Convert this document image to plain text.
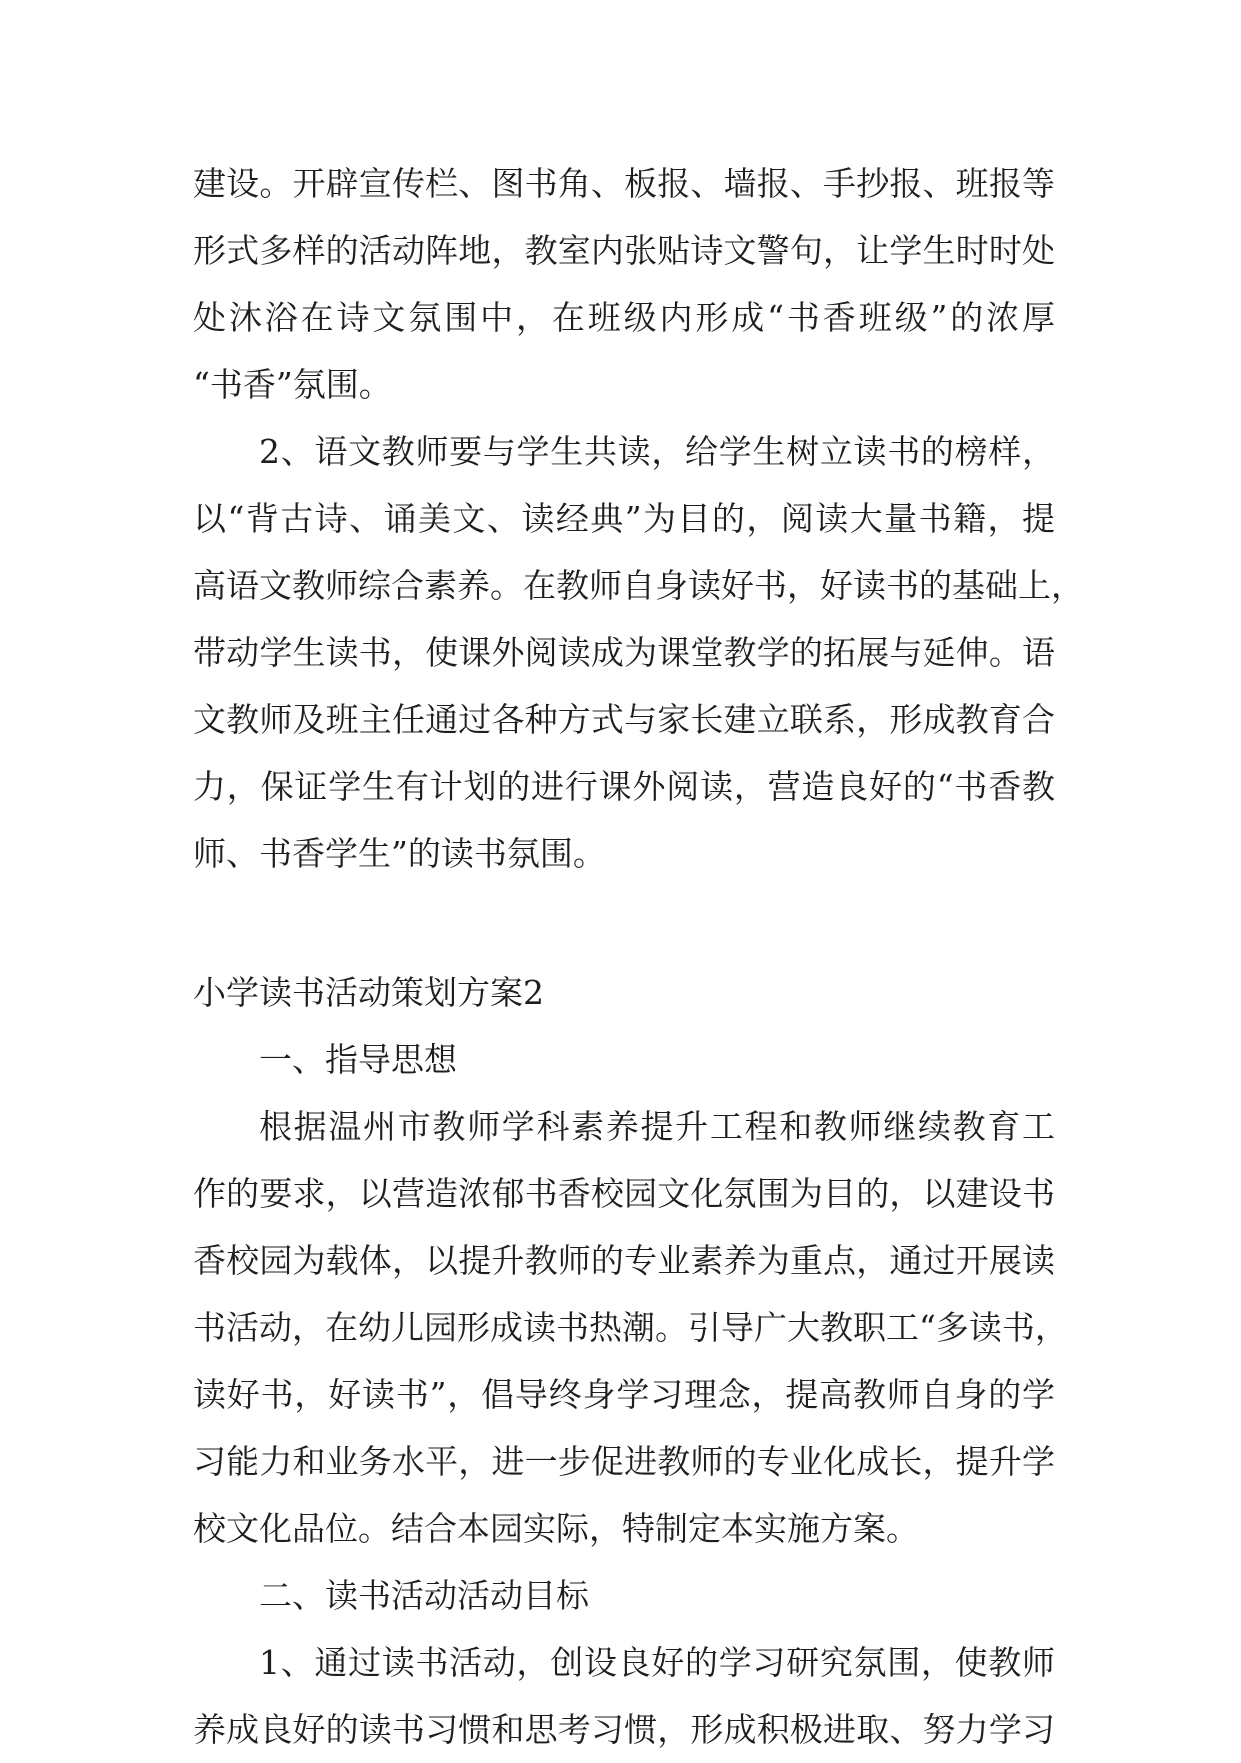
建设。开辟宣传栏、图书角、板报、墙报、手抄报、班报等
形式多样的活动阵地，教室内张贴诗文警句，让学生时时处
处沐浴在诗文氛围中，在班级内形成“书香班级”的浓厚
“书香”氛围。
2、语文教师要与学生共读，给学生树立读书的榜样，
以“背古诗、诵美文、读经典”为目的，阅读大量书籍，提
高语文教师综合素养。在教师自身读好书，好读书的基础上，
带动学生读书，使课外阅读成为课堂教学的拓展与延伸。语
文教师及班主任通过各种方式与家长建立联系，形成教育合
力，保证学生有计划的进行课外阅读，营造良好的“书香教
师、书香学生”的读书氛围。
小学读书活动策划方案2
一、指导思想
根据温州市教师学科素养提升工程和教师继续教育工
作的要求，以营造浓郁书香校园文化氛围为目的，以建设书
香校园为载体，以提升教师的专业素养为重点，通过开展读
书活动，在幼儿园形成读书热潮。引导广大教职工“多读书，
读好书，好读书”，倡导终身学习理念，提高教师自身的学
习能力和业务水平，进一步促进教师的专业化成长，提升学
校文化品位。结合本园实际，特制定本实施方案。
二、读书活动活动目标
1、通过读书活动，创设良好的学习研究氛围，使教师
养成良好的读书习惯和思考习惯，形成积极进取、努力学习
